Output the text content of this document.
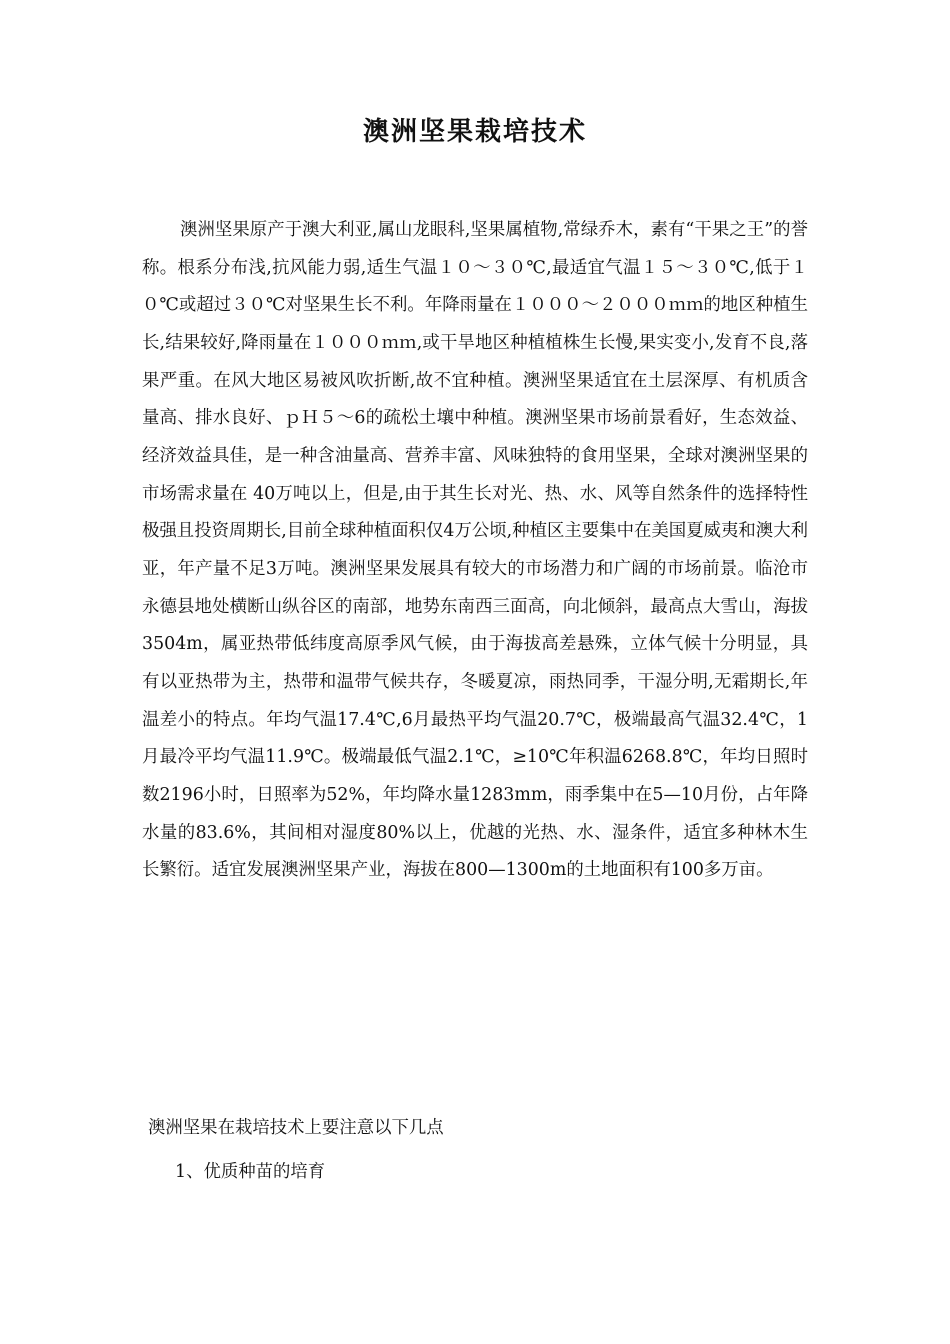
澳洲坚果栽培技术

澳洲坚果原产于澳大利亚,属山龙眼科,坚果属植物,常绿乔木，素有“干果之王”的誉称。根系分布浅,抗风能力弱,适生气温１０～３０℃,最适宜气温１５～３０℃,低于１０℃或超过３０℃对坚果生长不利。年降雨量在１０００～２０００ｍｍ的地区种植生长,结果较好,降雨量在１０００ｍｍ,或干旱地区种植植株生长慢,果实变小,发育不良,落果严重。在风大地区易被风吹折断,故不宜种植。澳洲坚果适宜在土层深厚、有机质含量高、排水良好、ｐＨ５～6的疏松土壤中种植。澳洲坚果市场前景看好，生态效益、经济效益具佳，是一种含油量高、营养丰富、风味独特的食用坚果，全球对澳洲坚果的市场需求量在 40万吨以上，但是,由于其生长对光、热、水、风等自然条件的选择特性极强且投资周期长,目前全球种植面积仅4万公顷,种植区主要集中在美国夏威夷和澳大利亚，年产量不足3万吨。澳洲坚果发展具有较大的市场潜力和广阔的市场前景。临沧市永德县地处横断山纵谷区的南部，地势东南西三面高，向北倾斜，最高点大雪山，海拔3504m，属亚热带低纬度高原季风气候，由于海拔高差悬殊，立体气候十分明显，具有以亚热带为主，热带和温带气候共存，冬暖夏凉，雨热同季，干湿分明,无霜期长,年温差小的特点。年均气温17.4℃,6月最热平均气温20.7℃，极端最高气温32.4℃，1月最冷平均气温11.9℃。极端最低气温2.1℃，≥10℃年积温6268.8℃，年均日照时数2196小时，日照率为52%，年均降水量1283mm，雨季集中在5—10月份，占年降水量的83.6%，其间相对湿度80%以上，优越的光热、水、湿条件，适宜多种林木生长繁衍。适宜发展澳洲坚果产业，海拔在800—1300m的土地面积有100多万亩。

澳洲坚果在栽培技术上要注意以下几点

1、优质种苗的培育
